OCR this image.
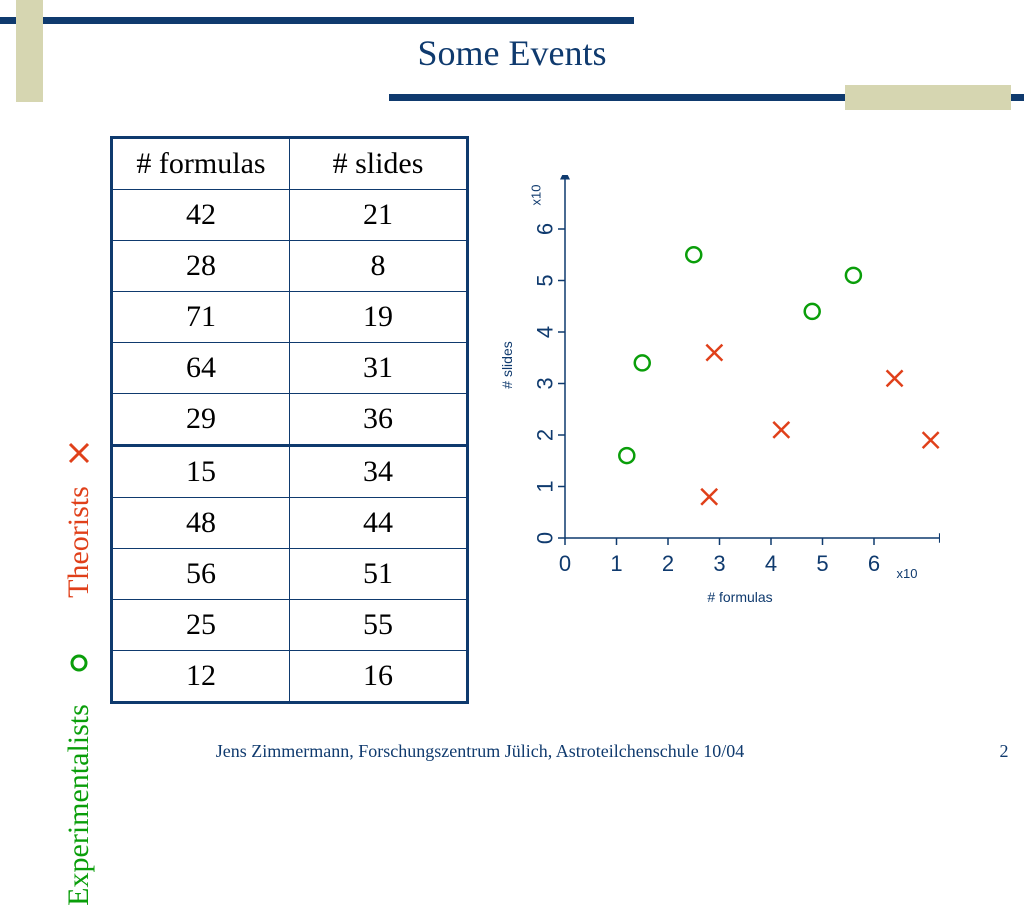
Some Events
Theorists
Experimentalists
# formulas	# slides
42	21
28	8
71	19
64	31
29	36
15	34
48	44
56	51
25	55
12	16
0 1 2 3 4 5 6
0
1
2
3
4
5
6
# formulas
# slides
x10
x10
Jens Zimmermann, Forschungszentrum Jülich, Astroteilchenschule 10/04	2
